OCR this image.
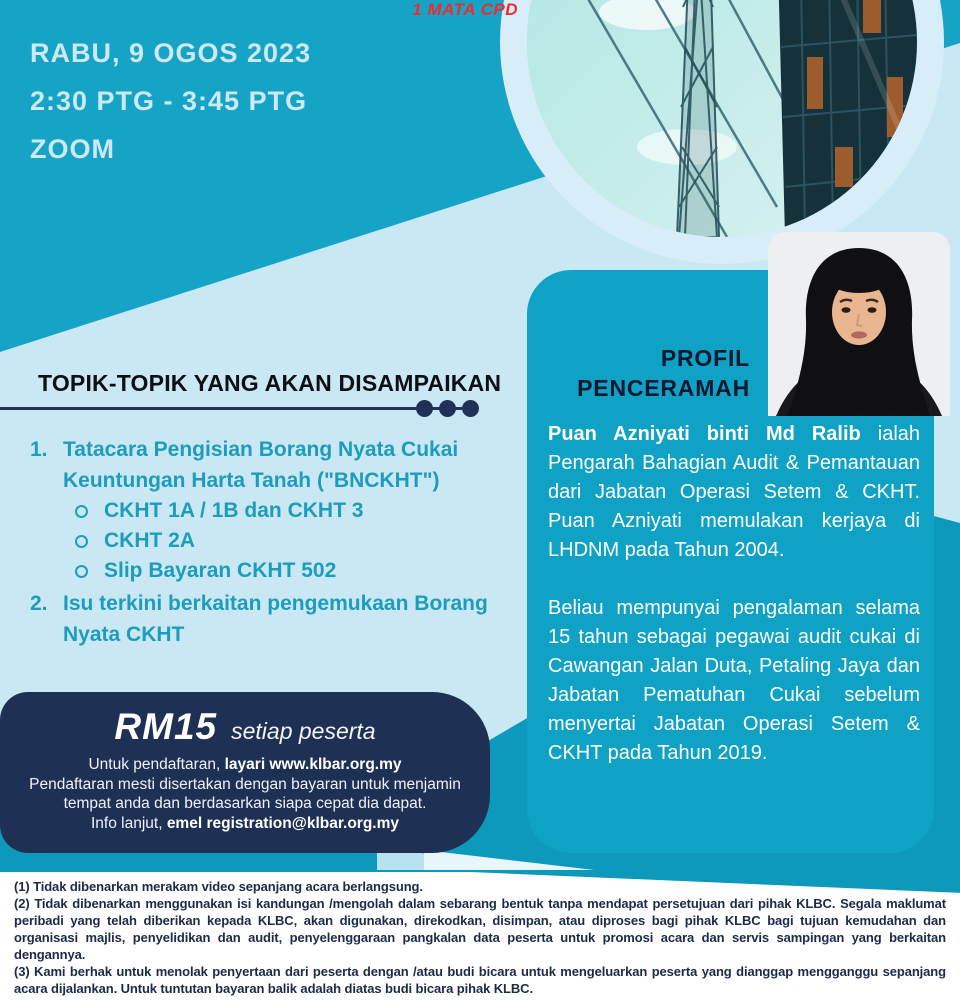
(1) Tidak dibenarkan merakam video sepanjang acara berlangsung.

(2) Tidak dibenarkan menggunakan isi kandungan /mengolah dalam sebarang bentuk tanpa mendapat persetujuan dari pihak KLBC. Segala maklumat peribadi yang telah diberikan kepada KLBC, akan digunakan, direkodkan, disimpan, atau diproses bagi pihak KLBC bagi tujuan kemudahan dan organisasi majlis, penyelidikan dan audit, penyelenggaraan pangkalan data peserta untuk promosi acara dan servis sampingan yang berkaitan dengannya.

(3) Kami berhak untuk menolak penyertaan dari peserta dengan /atau budi bicara untuk mengeluarkan peserta yang dianggap mengganggu sepanjang acara dijalankan. Untuk tuntutan bayaran balik adalah diatas budi bicara pihak KLBC.

1 MATA CPD
RABU, 9 OGOS 2023
2:30 PTG - 3:45 PTG
ZOOM
TOPIK-TOPIK YANG AKAN DISAMPAIKAN
1. Tatacara Pengisian Borang Nyata Cukai Keuntungan Harta Tanah ("BNCKHT")
CKHT 1A / 1B dan CKHT 3
CKHT 2A
Slip Bayaran CKHT 502
2. Isu terkini berkaitan pengemukaan Borang Nyata CKHT
RM15 setiap peserta
Untuk pendaftaran, layari www.klbar.org.my
Pendaftaran mesti disertakan dengan bayaran untuk menjamin tempat anda dan berdasarkan siapa cepat dia dapat.
Info lanjut, emel registration@klbar.org.my
PROFIL
PENCERAMAH

Puan Azniyati binti Md Ralib ialah Pengarah Bahagian Audit & Pemantauan dari Jabatan Operasi Setem & CKHT. Puan Azniyati memulakan kerjaya di LHDNM pada Tahun 2004.

Beliau mempunyai pengalaman selama 15 tahun sebagai pegawai audit cukai di Cawangan Jalan Duta, Petaling Jaya dan Jabatan Pematuhan Cukai sebelum menyertai Jabatan Operasi Setem & CKHT pada Tahun 2019.
